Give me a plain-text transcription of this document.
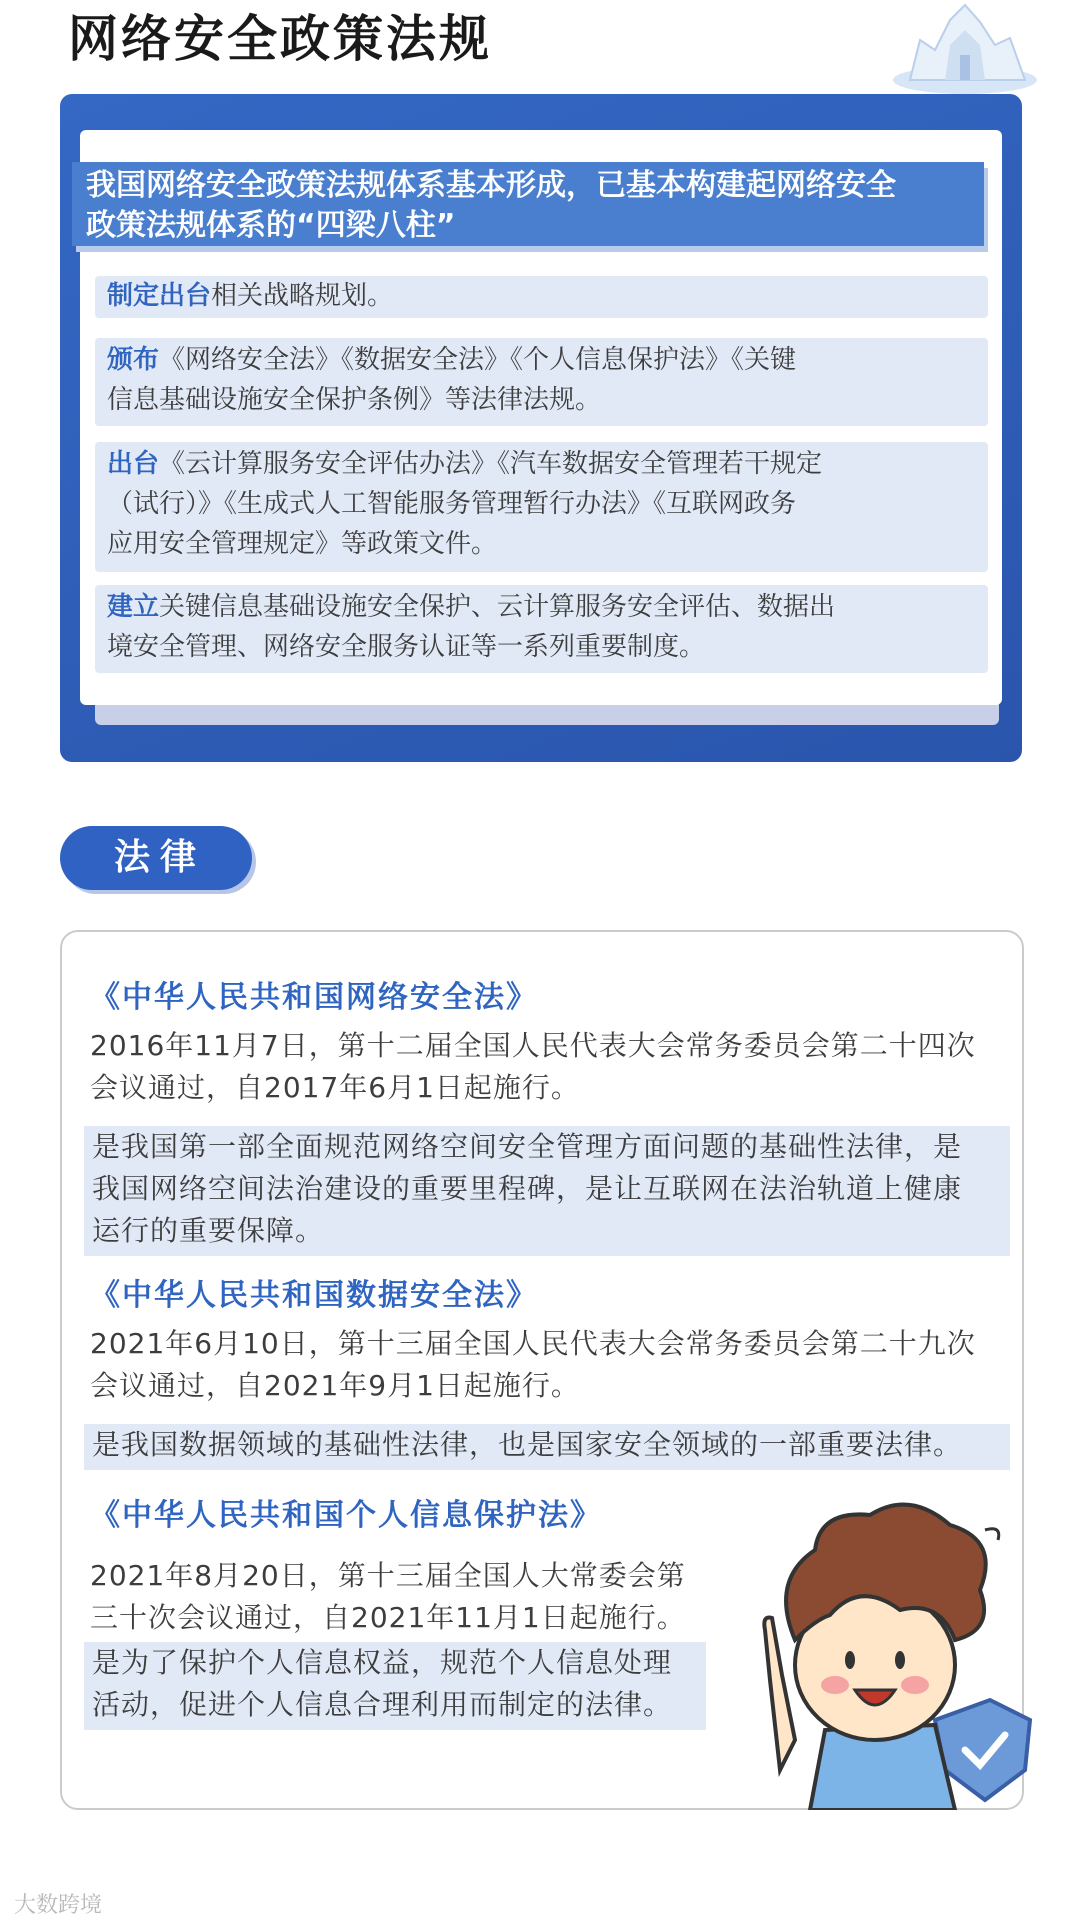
网络安全政策法规
我国网络安全政策法规体系基本形成，已基本构建起网络安全
政策法规体系的“四梁八柱”
制定出台相关战略规划。
颁布《网络安全法》《数据安全法》《个人信息保护法》《关键
信息基础设施安全保护条例》等法律法规。
出台《云计算服务安全评估办法》《汽车数据安全管理若干规定
（试行）》《生成式人工智能服务管理暂行办法》《互联网政务
应用安全管理规定》等政策文件。
建立关键信息基础设施安全保护、云计算服务安全评估、数据出
境安全管理、网络安全服务认证等一系列重要制度。
法律
《中华人民共和国网络安全法》
2016年11月7日，第十二届全国人民代表大会常务委员会第二十四次
会议通过，自2017年6月1日起施行。
是我国第一部全面规范网络空间安全管理方面问题的基础性法律，是
我国网络空间法治建设的重要里程碑，是让互联网在法治轨道上健康
运行的重要保障。
《中华人民共和国数据安全法》
2021年6月10日，第十三届全国人民代表大会常务委员会第二十九次
会议通过，自2021年9月1日起施行。
是我国数据领域的基础性法律，也是国家安全领域的一部重要法律。
《中华人民共和国个人信息保护法》
2021年8月20日，第十三届全国人大常委会第
三十次会议通过，自2021年11月1日起施行。
是为了保护个人信息权益，规范个人信息处理
活动，促进个人信息合理利用而制定的法律。
大数跨境
